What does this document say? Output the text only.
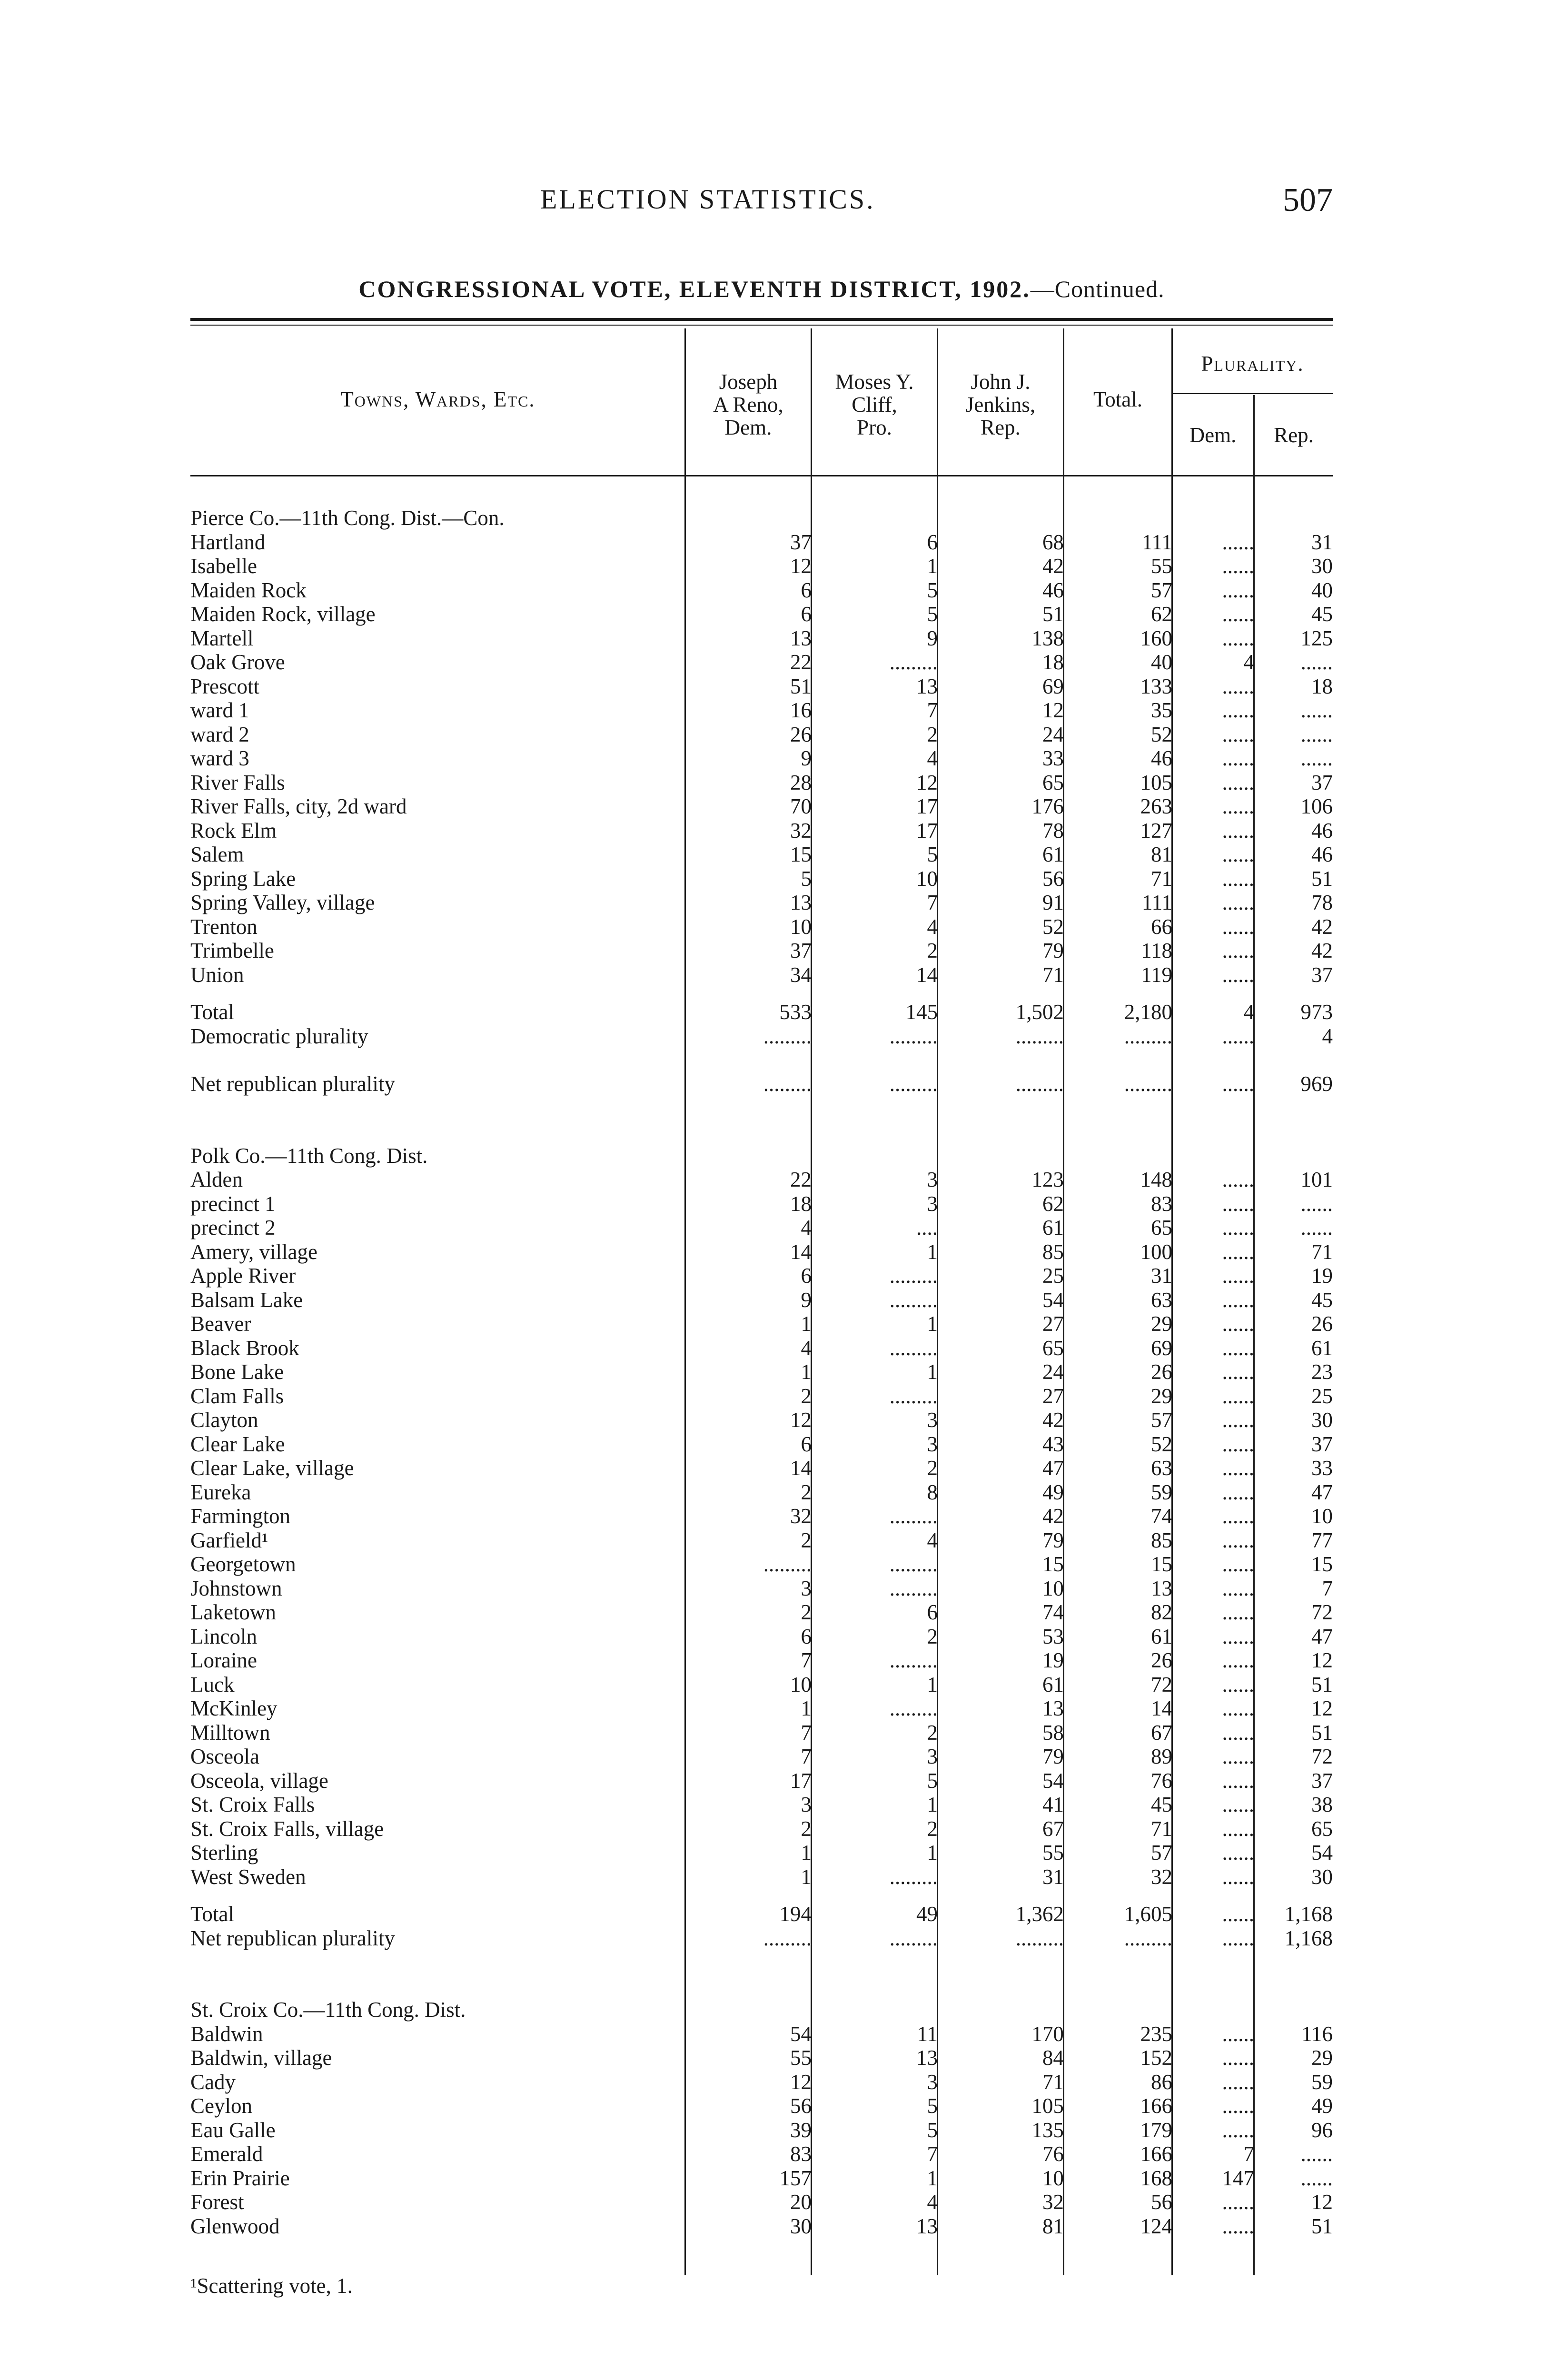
ELECTION STATISTICS.	507
CONGRESSIONAL VOTE, ELEVENTH DISTRICT, 1902.—Continued.
Towns, Wards, Etc.
Joseph
A Reno,
Dem.
Moses Y.
Cliff,
Pro.
John J.
Jenkins,
Rep.
Total.
Plurality.
Dem.	Rep.
Pierce Co.—11th Cong. Dist.—Con.						
Hartland	37	6	68	111	......	31
Isabelle	12	1	42	55	......	30
Maiden Rock	6	5	46	57	......	40
Maiden Rock, village	6	5	51	62	......	45
Martell	13	9	138	160	......	125
Oak Grove	22	.........	18	40	4	......
Prescott	51	13	69	133	......	18
ward 1	16	7	12	35	......	......
ward 2	26	2	24	52	......	......
ward 3	9	4	33	46	......	......
River Falls	28	12	65	105	......	37
River Falls, city, 2d ward	70	17	176	263	......	106
Rock Elm	32	17	78	127	......	46
Salem	15	5	61	81	......	46
Spring Lake	5	10	56	71	......	51
Spring Valley, village	13	7	91	111	......	78
Trenton	10	4	52	66	......	42
Trimbelle	37	2	79	118	......	42
Union	34	14	71	119	......	37

Total	533	145	1,502	2,180	4	973
Democratic plurality	.........	.........	.........	.........	......	4

Net republican plurality	.........	.........	.........	.........	......	969

Polk Co.—11th Cong. Dist.						
Alden	22	3	123	148	......	101
precinct 1	18	3	62	83	......	......
precinct 2	4	....	61	65	......	......
Amery, village	14	1	85	100	......	71
Apple River	6	.........	25	31	......	19
Balsam Lake	9	.........	54	63	......	45
Beaver	1	1	27	29	......	26
Black Brook	4	.........	65	69	......	61
Bone Lake	1	1	24	26	......	23
Clam Falls	2	.........	27	29	......	25
Clayton	12	3	42	57	......	30
Clear Lake	6	3	43	52	......	37
Clear Lake, village	14	2	47	63	......	33
Eureka	2	8	49	59	......	47
Farmington	32	.........	42	74	......	10
Garfield¹	2	4	79	85	......	77
Georgetown	.........	.........	15	15	......	15
Johnstown	3	.........	10	13	......	7
Laketown	2	6	74	82	......	72
Lincoln	6	2	53	61	......	47
Loraine	7	.........	19	26	......	12
Luck	10	1	61	72	......	51
McKinley	1	.........	13	14	......	12
Milltown	7	2	58	67	......	51
Osceola	7	3	79	89	......	72
Osceola, village	17	5	54	76	......	37
St. Croix Falls	3	1	41	45	......	38
St. Croix Falls, village	2	2	67	71	......	65
Sterling	1	1	55	57	......	54
West Sweden	1	.........	31	32	......	30

Total	194	49	1,362	1,605	......	1,168
Net republican plurality	.........	.........	.........	.........	......	1,168

St. Croix Co.—11th Cong. Dist.						
Baldwin	54	11	170	235	......	116
Baldwin, village	55	13	84	152	......	29
Cady	12	3	71	86	......	59
Ceylon	56	5	105	166	......	49
Eau Galle	39	5	135	179	......	96
Emerald	83	7	76	166	7	......
Erin Prairie	157	1	10	168	147	......
Forest	20	4	32	56	......	12
Glenwood	30	13	81	124	......	51
¹Scattering vote, 1.
